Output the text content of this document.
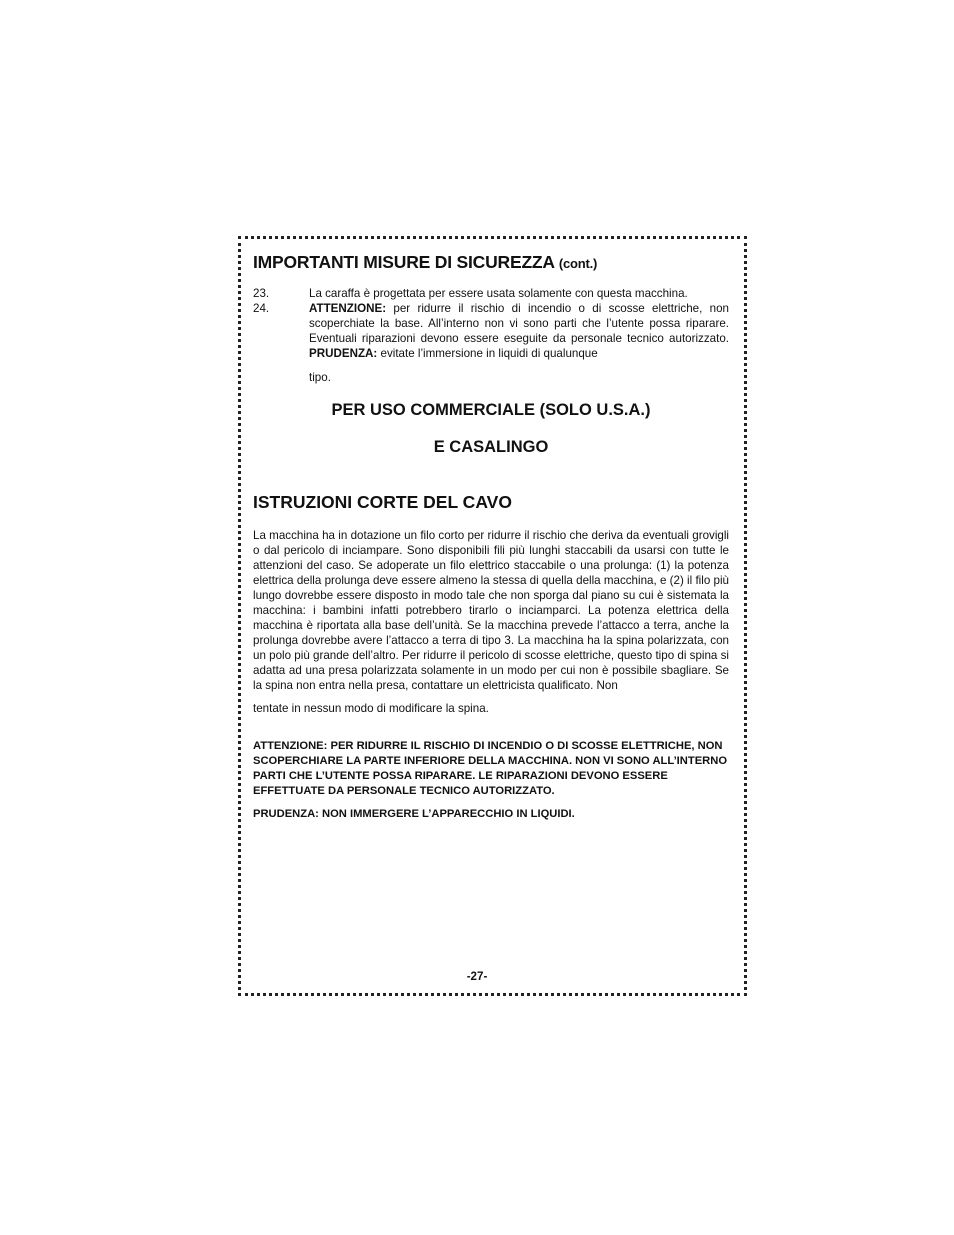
IMPORTANTI MISURE DI SICUREZZA (cont.)
23.	La caraffa è progettata per essere usata solamente con questa macchina.
24.	ATTENZIONE: per ridurre il rischio di incendio o di scosse elettriche, non scoperchiate la base. All’interno non vi sono parti che l’utente possa riparare. Eventuali riparazioni devono essere eseguite da personale tecnico autorizzato. PRUDENZA: evitate l’immersione in liquidi di qualunque
tipo.
PER USO COMMERCIALE (SOLO U.S.A.)
E CASALINGO
ISTRUZIONI CORTE DEL CAVO
La macchina ha in dotazione un filo corto per ridurre il rischio che deriva da eventuali grovigli o dal pericolo di inciampare. Sono disponibili fili più lunghi staccabili da usarsi con tutte le attenzioni del caso. Se adoperate un filo elettrico staccabile o una prolunga: (1) la potenza elettrica della prolunga deve essere almeno la stessa di quella della macchina, e (2) il filo più lungo dovrebbe essere disposto in modo tale che non sporga dal piano su cui è sistemata la macchina: i bambini infatti potrebbero tirarlo o inciamparci. La potenza elettrica della macchina è riportata alla base dell’unità. Se la macchina prevede l’attacco a terra, anche la prolunga dovrebbe avere l’attacco a terra di tipo 3. La macchina ha la spina polarizzata, con un polo più grande dell’altro. Per ridurre il pericolo di scosse elettriche, questo tipo di spina si adatta ad una presa polarizzata solamente in un modo per cui non è possibile sbagliare. Se la spina non entra nella presa, contattare un elettricista qualificato. Non
tentate in nessun modo di modificare la spina.
ATTENZIONE: PER RIDURRE IL RISCHIO DI INCENDIO O DI SCOSSE ELETTRICHE, NON SCOPERCHIARE LA PARTE INFERIORE DELLA MACCHINA. NON VI SONO ALL’INTERNO PARTI CHE L’UTENTE POSSA RIPARARE. LE RIPARAZIONI DEVONO ESSERE EFFETTUATE DA PERSONALE TECNICO AUTORIZZATO.
PRUDENZA: NON IMMERGERE L’APPARECCHIO IN LIQUIDI.
-27-
